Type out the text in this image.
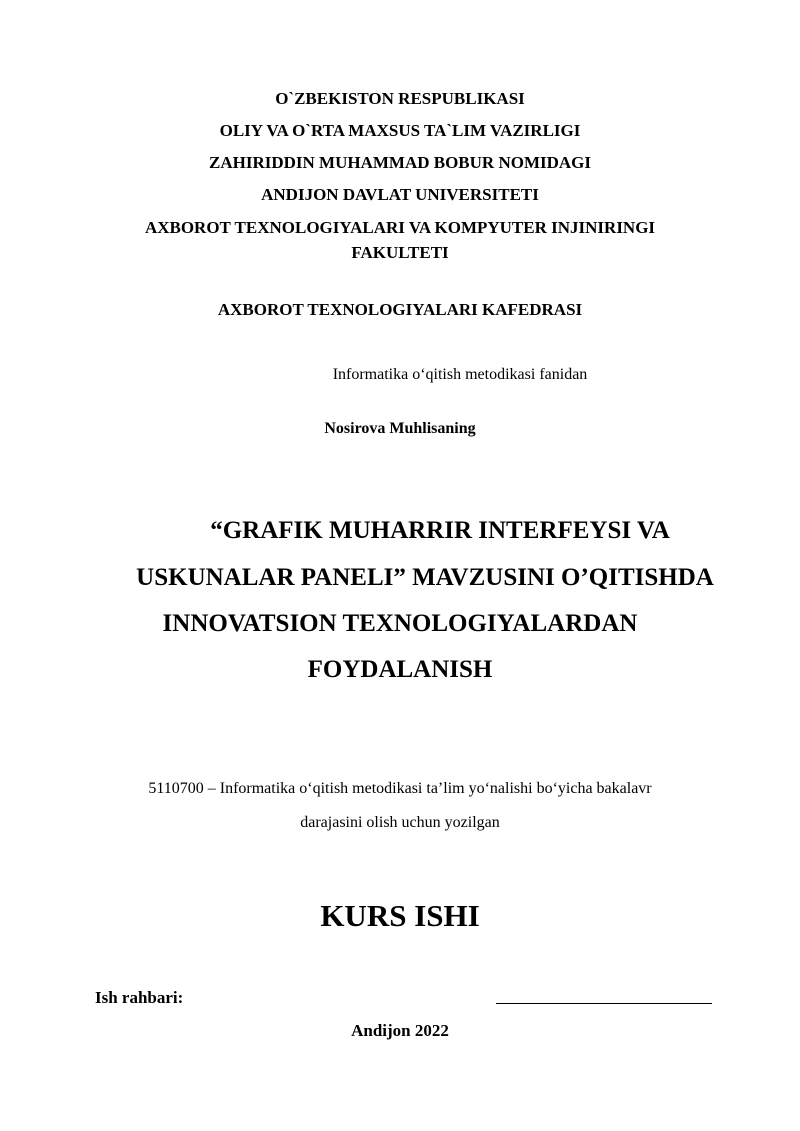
O`ZBEKISTON RESPUBLIKASI
OLIY VA O`RTA MAXSUS TA`LIM VAZIRLIGI
ZAHIRIDDIN MUHAMMAD BOBUR NOMIDAGI
ANDIJON DAVLAT UNIVERSITETI
AXBOROT TEXNOLOGIYALARI VA KOMPYUTER INJINIRINGI
FAKULTETI
AXBOROT TEXNOLOGIYALARI KAFEDRASI
Informatika o‘qitish metodikasi fanidan
Nosirova Muhlisaning
“GRAFIK MUHARRIR INTERFEYSI VA
USKUNALAR PANELI” MAVZUSINI O’QITISHDA
INNOVATSION TEXNOLOGIYALARDAN
FOYDALANISH
5110700 – Informatika o‘qitish metodikasi ta’lim yo‘nalishi bo‘yicha bakalavr
darajasini olish uchun yozilgan
KURS ISHI
Ish rahbari:
Andijon 2022
